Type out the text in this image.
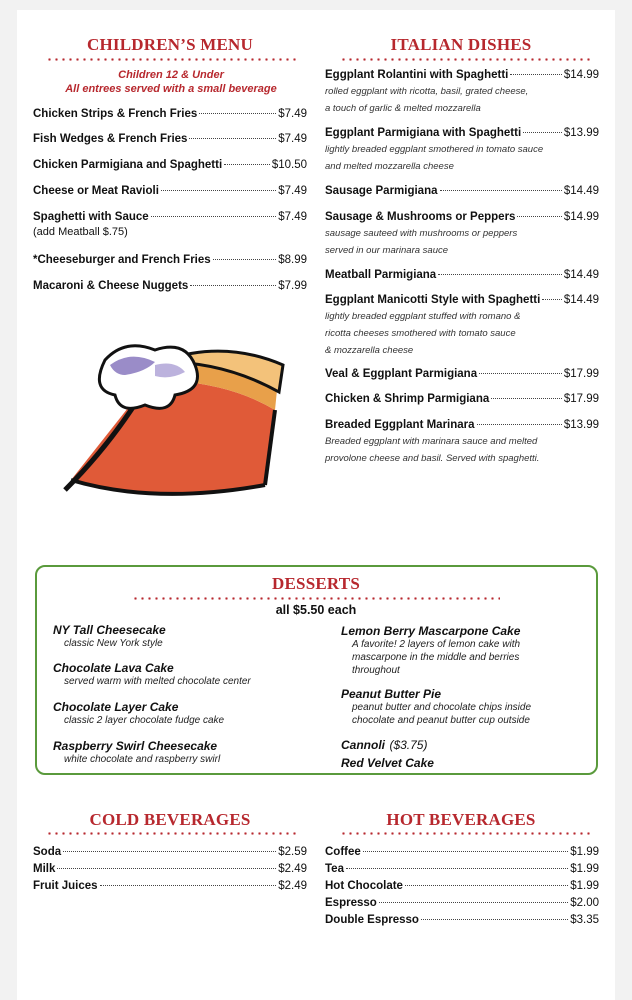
CHILDREN’S MENU
Children 12 & Under
All entrees served with a small beverage
Chicken Strips & French Fries	$7.49
Fish Wedges & French Fries	$7.49
Chicken Parmigiana and Spaghetti	$10.50
Cheese or Meat Ravioli	$7.49
Spaghetti with Sauce	$7.49
(add Meatball $.75)
*Cheeseburger and French Fries	$8.99
Macaroni & Cheese Nuggets	$7.99
ITALIAN DISHES
Eggplant Rolantini with Spaghetti	$14.99
rolled eggplant with ricotta, basil, grated cheese,
a touch of garlic & melted mozzarella
Eggplant Parmigiana with Spaghetti	$13.99
lightly breaded eggplant smothered in tomato sauce
and melted mozzarella cheese
Sausage Parmigiana	$14.49
Sausage & Mushrooms or Peppers	$14.99
sausage sauteed with mushrooms or peppers
served in our marinara sauce
Meatball Parmigiana	$14.49
Eggplant Manicotti Style with Spaghetti $14.49
lightly breaded eggplant stuffed with romano &
ricotta cheeses smothered with tomato sauce
& mozzarella cheese
Veal & Eggplant Parmigiana	$17.99
Chicken & Shrimp Parmigiana	$17.99
Breaded Eggplant Marinara	$13.99
Breaded eggplant with marinara sauce and melted
provolone cheese and basil. Served with spaghetti.
DESSERTS
all $5.50 each
NY Tall Cheesecake
classic New York style
Chocolate Lava Cake
served warm with melted chocolate center
Chocolate Layer Cake
classic 2 layer chocolate fudge cake
Raspberry Swirl Cheesecake
white chocolate and raspberry swirl
Lemon Berry Mascarpone Cake
A favorite! 2 layers of lemon cake with
mascarpone in the middle and berries
throughout
Peanut Butter Pie
peanut butter and chocolate chips inside
chocolate and peanut butter cup outside
Cannoli ($3.75)
Red Velvet Cake
COLD BEVERAGES
Soda	$2.59
Milk	$2.49
Fruit Juices	$2.49
HOT BEVERAGES
Coffee	$1.99
Tea	$1.99
Hot Chocolate	$1.99
Espresso	$2.00
Double Espresso	$3.35
